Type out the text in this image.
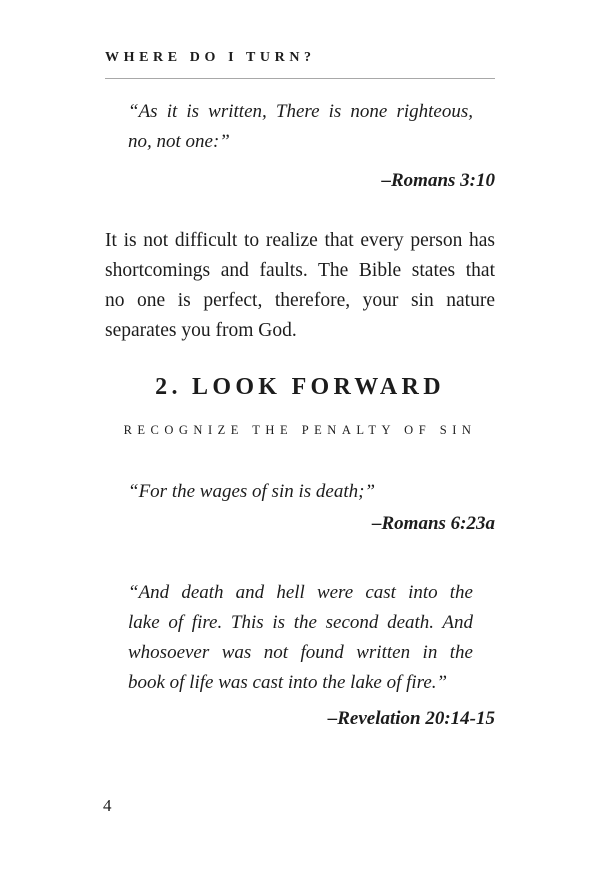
WHERE DO I TURN?
“As it is written, There is none righteous,
no, not one:”
–Romans 3:10
It is not difficult to realize that every person has
shortcomings and faults. The Bible states that
no one is perfect, therefore, your sin nature
separates you from God.
2. LOOK FORWARD
RECOGNIZE THE PENALTY OF SIN
“For the wages of sin is death;”
–Romans 6:23a
“And death and hell were cast into the
lake of fire. This is the second death. And
whosoever was not found written in the
book of life was cast into the lake of fire.”
–Revelation 20:14-15
4
